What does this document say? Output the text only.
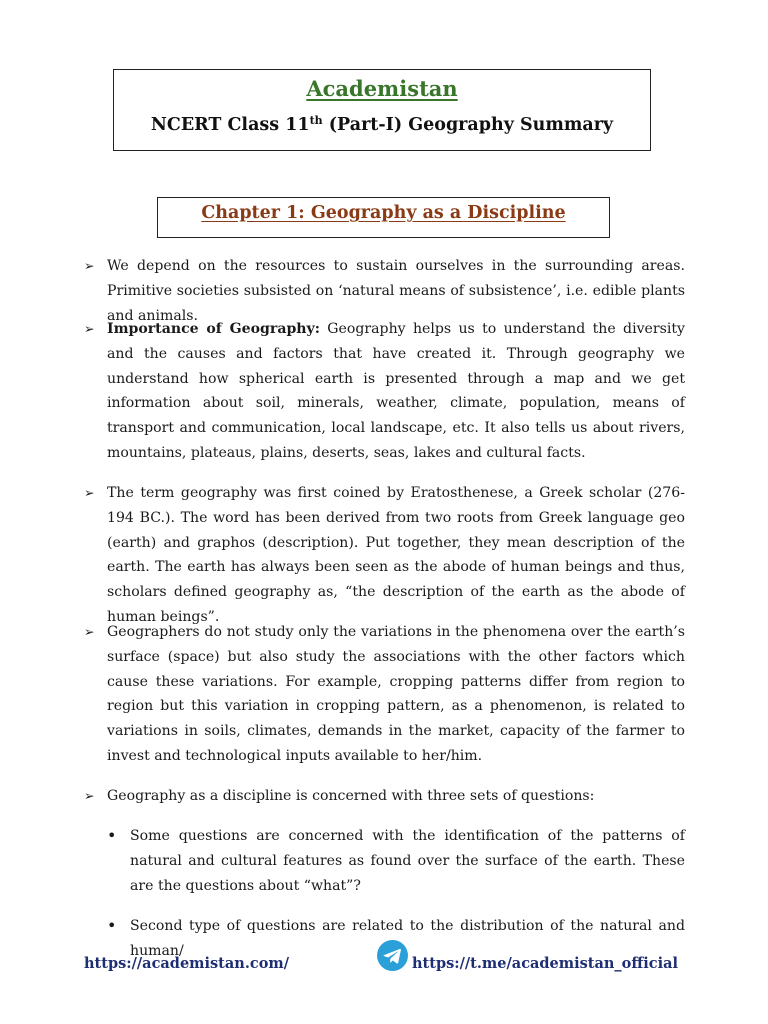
Academistan
NCERT Class 11th (Part-I) Geography Summary
Chapter 1: Geography as a Discipline
➢ We depend on the resources to sustain ourselves in the surrounding areas. Primitive societies subsisted on ‘natural means of subsistence’, i.e. edible plants and animals.
➢ Importance of Geography: Geography helps us to understand the diversity and the causes and factors that have created it. Through geography we understand how spherical earth is presented through a map and we get information about soil, minerals, weather, climate, population, means of transport and communication, local landscape, etc. It also tells us about rivers, mountains, plateaus, plains, deserts, seas, lakes and cultural facts.
➢ The term geography was first coined by Eratosthenese, a Greek scholar (276- 194 BC.). The word has been derived from two roots from Greek language geo (earth) and graphos (description). Put together, they mean description of the earth. The earth has always been seen as the abode of human beings and thus, scholars defined geography as, “the description of the earth as the abode of human beings”.
➢ Geographers do not study only the variations in the phenomena over the earth’s surface (space) but also study the associations with the other factors which cause these variations. For example, cropping patterns differ from region to region but this variation in cropping pattern, as a phenomenon, is related to variations in soils, climates, demands in the market, capacity of the farmer to invest and technological inputs available to her/him.
➢ Geography as a discipline is concerned with three sets of questions:
• Some questions are concerned with the identification of the patterns of natural and cultural features as found over the surface of the earth. These are the questions about “what”?
• Second type of questions are related to the distribution of the natural and human/
https://academistan.com/	https://t.me/academistan_official
